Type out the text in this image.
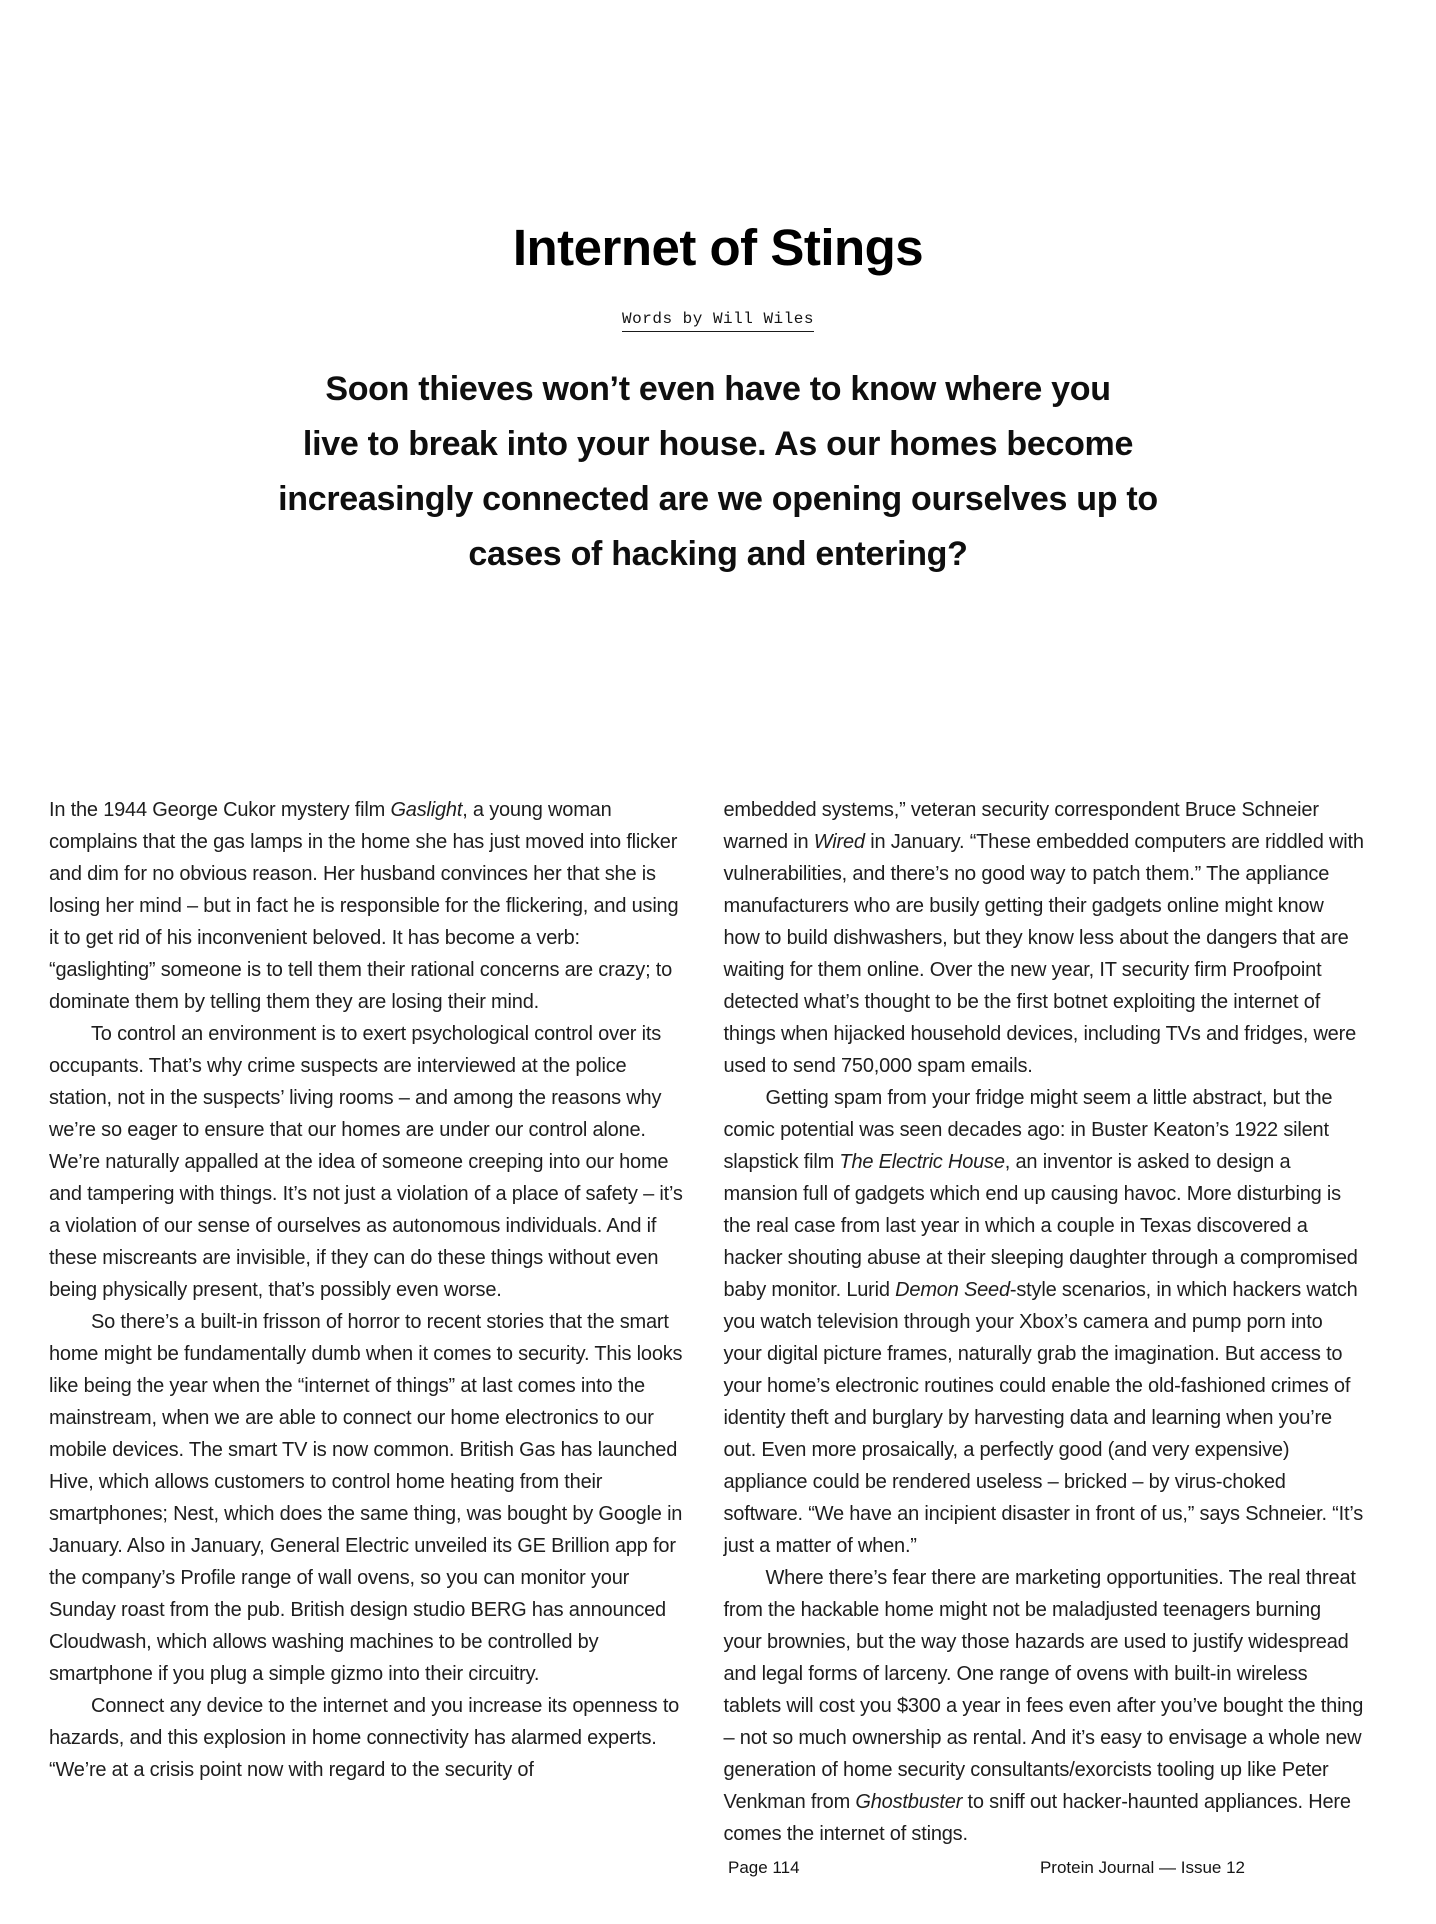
Internet of Stings
Words by Will Wiles
Soon thieves won’t even have to know where you
live to break into your house. As our homes become
increasingly connected are we opening ourselves up to
cases of hacking and entering?

In the 1944 George Cukor mystery film Gaslight, a young woman complains that the gas lamps in the home she has just moved into flicker and dim for no obvious reason. Her husband convinces her that she is losing her mind – but in fact he is responsible for the flickering, and using it to get rid of his inconvenient beloved. It has become a verb: “gaslighting” someone is to tell them their rational concerns are crazy; to dominate them by telling them they are losing their mind.

To control an environment is to exert psychological control over its occupants. That’s why crime suspects are interviewed at the police station, not in the suspects’ living rooms – and among the reasons why we’re so eager to ensure that our homes are under our control alone. We’re naturally appalled at the idea of someone creeping into our home and tampering with things. It’s not just a violation of a place of safety – it’s a violation of our sense of ourselves as autonomous individuals. And if these miscreants are invisible, if they can do these things without even being physically present, that’s possibly even worse.

So there’s a built-in frisson of horror to recent stories that the smart home might be fundamentally dumb when it comes to security. This looks like being the year when the “internet of things” at last comes into the mainstream, when we are able to connect our home electronics to our mobile devices. The smart TV is now common. British Gas has launched Hive, which allows customers to control home heating from their smartphones; Nest, which does the same thing, was bought by Google in January. Also in January, General Electric unveiled its GE Brillion app for the company’s Profile range of wall ovens, so you can monitor your Sunday roast from the pub. British design studio BERG has announced Cloudwash, which allows washing machines to be controlled by smartphone if you plug a simple gizmo into their circuitry.

Connect any device to the internet and you increase its openness to hazards, and this explosion in home connectivity has alarmed experts. “We’re at a crisis point now with regard to the security of

embedded systems,” veteran security correspondent Bruce Schneier warned in Wired in January. “These embedded computers are riddled with vulnerabilities, and there’s no good way to patch them.” The appliance manufacturers who are busily getting their gadgets online might know how to build dishwashers, but they know less about the dangers that are waiting for them online. Over the new year, IT security firm Proofpoint detected what’s thought to be the first botnet exploiting the internet of things when hijacked household devices, including TVs and fridges, were used to send 750,000 spam emails.

Getting spam from your fridge might seem a little abstract, but the comic potential was seen decades ago: in Buster Keaton’s 1922 silent slapstick film The Electric House, an inventor is asked to design a mansion full of gadgets which end up causing havoc. More disturbing is the real case from last year in which a couple in Texas discovered a hacker shouting abuse at their sleeping daughter through a compromised baby monitor. Lurid Demon Seed-style scenarios, in which hackers watch you watch television through your Xbox’s camera and pump porn into your digital picture frames, naturally grab the imagination. But access to your home’s electronic routines could enable the old-fashioned crimes of identity theft and burglary by harvesting data and learning when you’re out. Even more prosaically, a perfectly good (and very expensive) appliance could be rendered useless – bricked – by virus-choked software. “We have an incipient disaster in front of us,” says Schneier. “It’s just a matter of when.”

Where there’s fear there are marketing opportunities. The real threat from the hackable home might not be maladjusted teenagers burning your brownies, but the way those hazards are used to justify widespread and legal forms of larceny. One range of ovens with built-in wireless tablets will cost you $300 a year in fees even after you’ve bought the thing – not so much ownership as rental. And it’s easy to envisage a whole new generation of home security consultants/exorcists tooling up like Peter Venkman from Ghostbuster to sniff out hacker-haunted appliances. Here comes the internet of stings.

Page 114	Protein Journal — Issue 12
